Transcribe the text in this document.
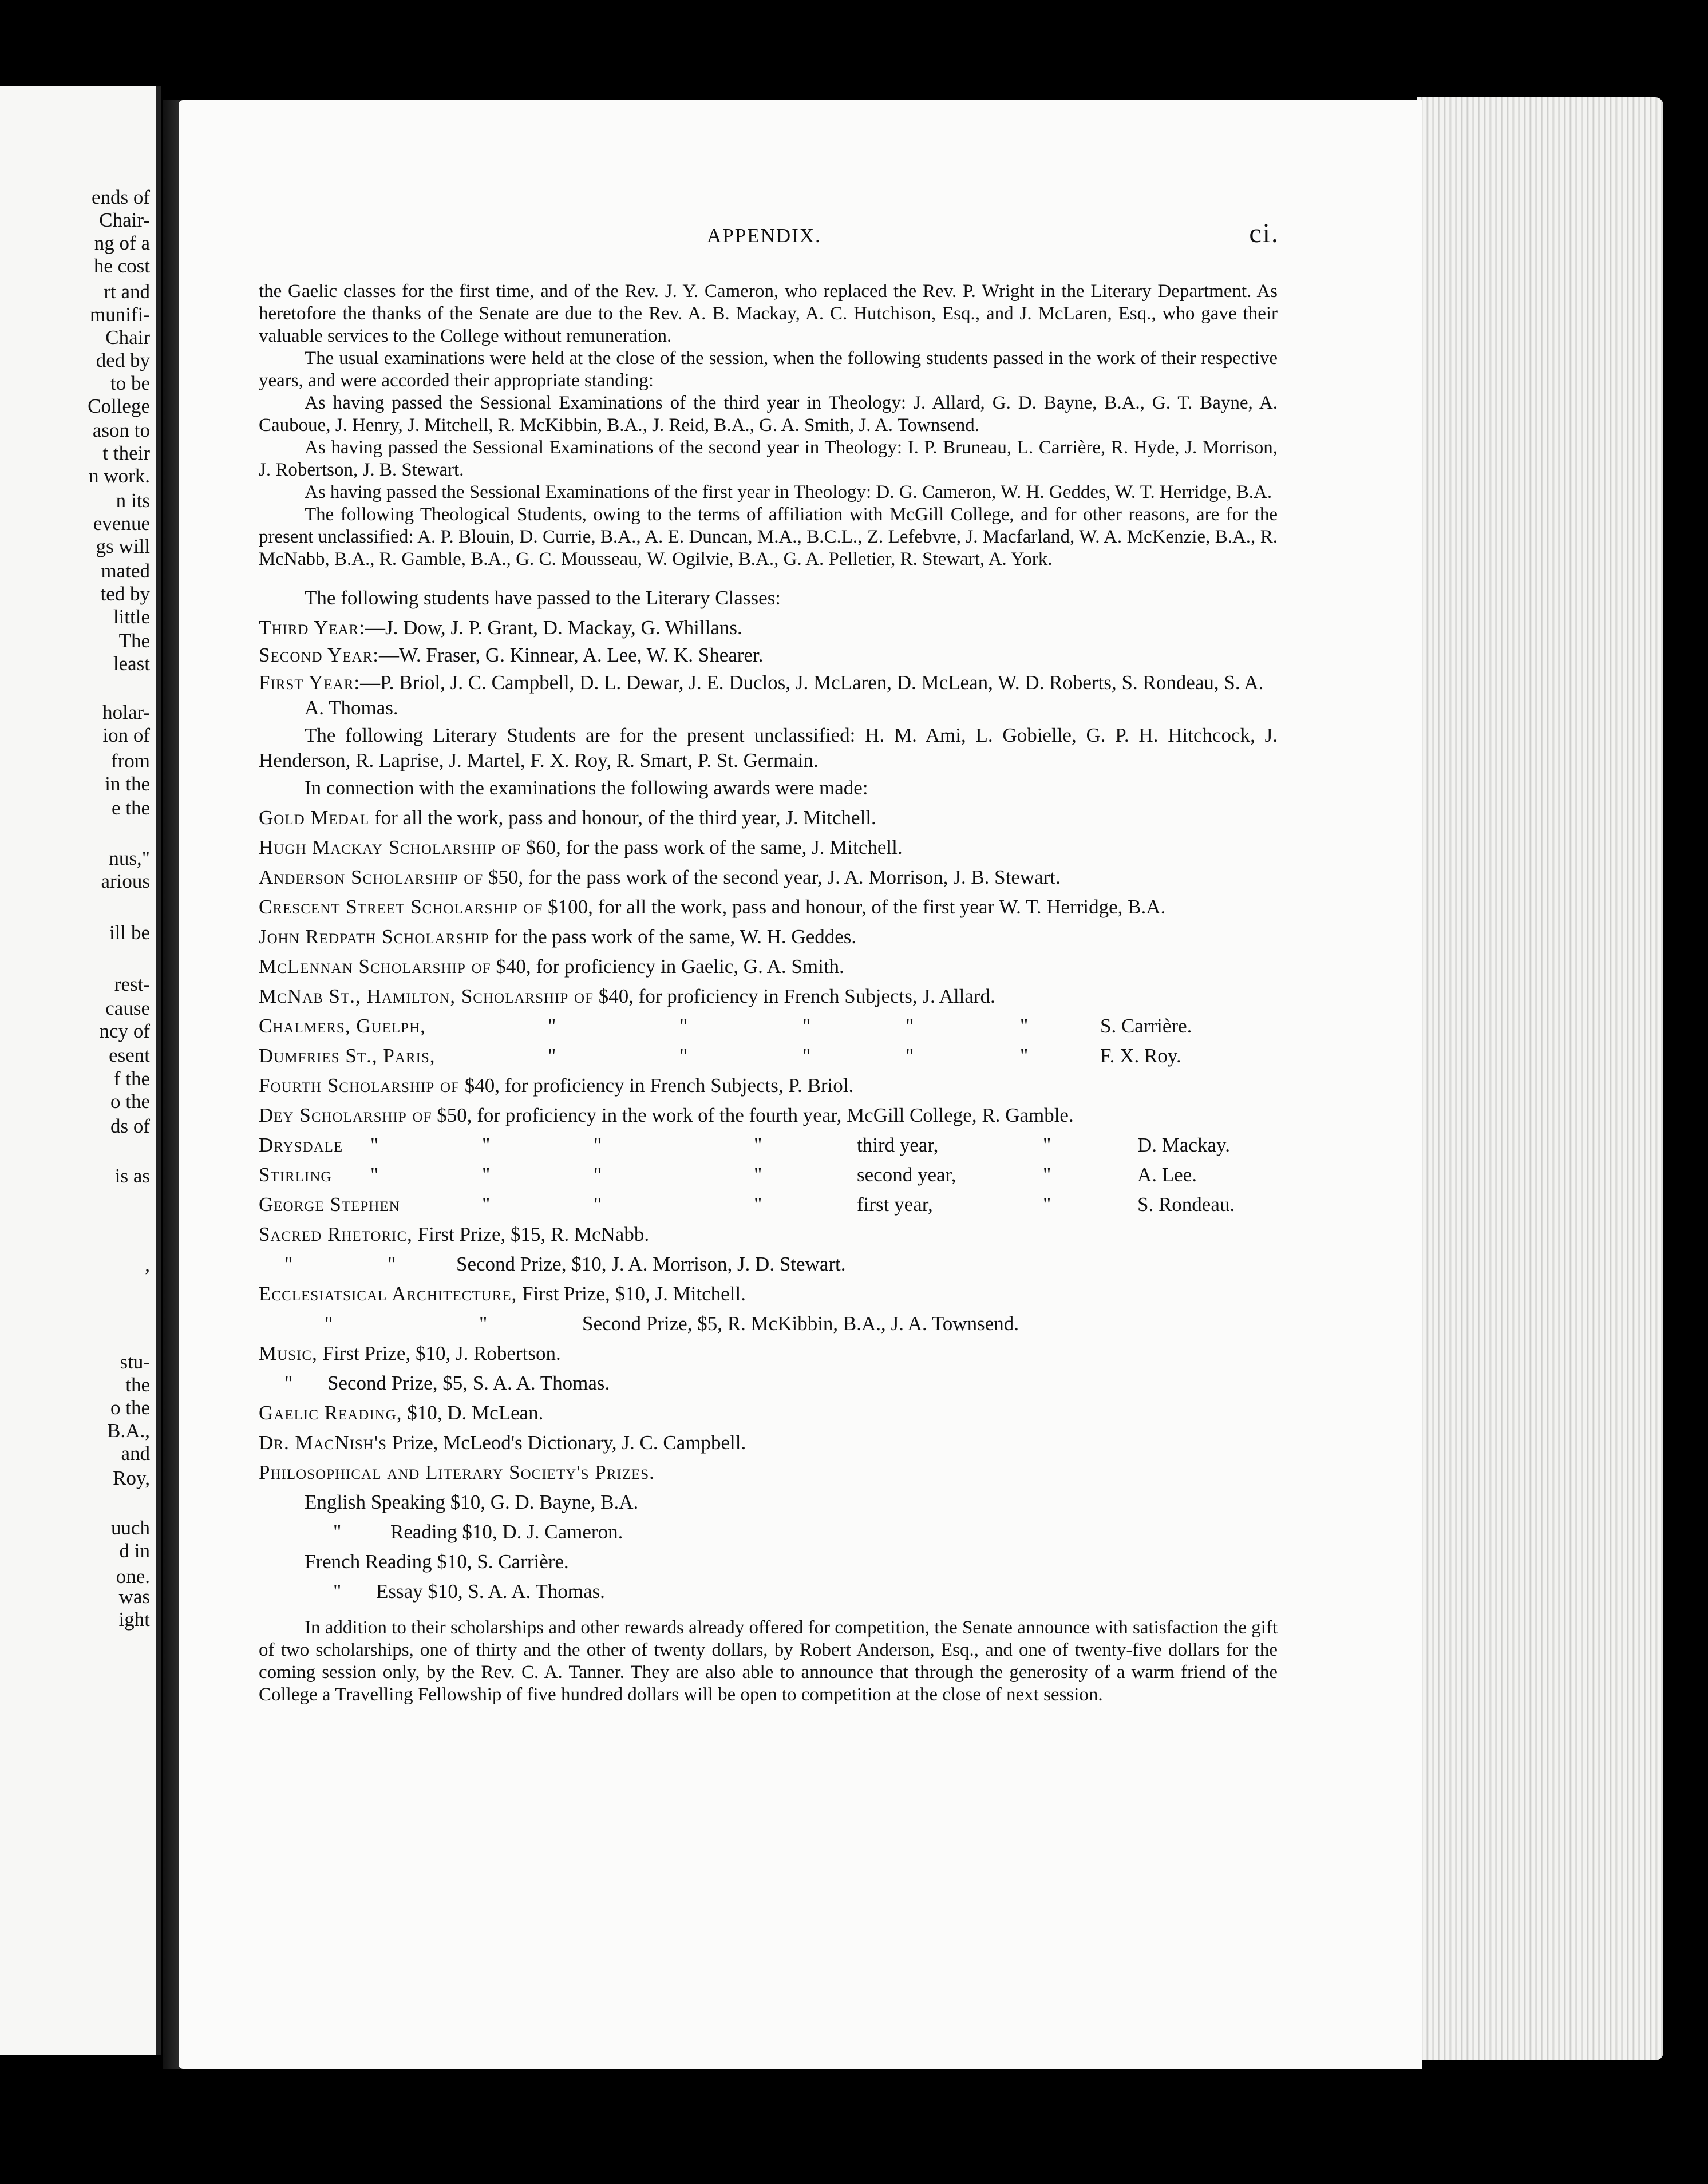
ends of
Chair-
ng of a
he cost
rt and
munifi-
Chair
ded by
to be
College
ason to
t their
n work.
n its
evenue
gs will
mated
ted by
little
The
least
holar-
ion of
from
in the
e the
nus,"
arious
ill be
rest-
cause
ncy of
esent
f the
o the
ds of
is as
,
stu-
the
o the
B.A.,
and
Roy,
uuch
d in
one.
was
ight
APPENDIX.	ci.

the Gaelic classes for the first time, and of the Rev. J. Y. Cameron, who replaced the Rev. P. Wright in the Literary Department. As heretofore the thanks of the Senate are due to the Rev. A. B. Mackay, A. C. Hutchison, Esq., and J. McLaren, Esq., who gave their valuable services to the College without remuneration.

The usual examinations were held at the close of the session, when the following students passed in the work of their respective years, and were accorded their appropriate standing:

As having passed the Sessional Examinations of the third year in Theology: J. Allard, G. D. Bayne, B.A., G. T. Bayne, A. Cauboue, J. Henry, J. Mitchell, R. McKibbin, B.A., J. Reid, B.A., G. A. Smith, J. A. Townsend.

As having passed the Sessional Examinations of the second year in Theology: I. P. Bruneau, L. Carrière, R. Hyde, J. Morrison, J. Robertson, J. B. Stewart.

As having passed the Sessional Examinations of the first year in Theology: D. G. Cameron, W. H. Geddes, W. T. Herridge, B.A.

The following Theological Students, owing to the terms of affiliation with McGill College, and for other reasons, are for the present unclassified: A. P. Blouin, D. Currie, B.A., A. E. Duncan, M.A., B.C.L., Z. Lefebvre, J. Macfarland, W. A. McKenzie, B.A., R. McNabb, B.A., R. Gamble, B.A., G. C. Mousseau, W. Ogilvie, B.A., G. A. Pelletier, R. Stewart, A. York.

The following students have passed to the Literary Classes:
Third Year:—J. Dow, J. P. Grant, D. Mackay, G. Whillans.
Second Year:—W. Fraser, G. Kinnear, A. Lee, W. K. Shearer.
First Year:—P. Briol, J. C. Campbell, D. L. Dewar, J. E. Duclos, J. McLaren, D. McLean, W. D. Roberts, S. Rondeau, S. A. A. Thomas.

The following Literary Students are for the present unclassified: H. M. Ami, L. Gobielle, G. P. H. Hitchcock, J. Henderson, R. Laprise, J. Martel, F. X. Roy, R. Smart, P. St. Germain.

In connection with the examinations the following awards were made:
Gold Medal for all the work, pass and honour, of the third year, J. Mitchell.
Hugh Mackay Scholarship of $60, for the pass work of the same, J. Mitchell.
Anderson Scholarship of $50, for the pass work of the second year, J. A. Morrison, J. B. Stewart.
Crescent Street Scholarship of $100, for all the work, pass and honour, of the first year W. T. Herridge, B.A.
John Redpath Scholarship for the pass work of the same, W. H. Geddes.
McLennan Scholarship of $40, for proficiency in Gaelic, G. A. Smith.
McNab St., Hamilton, Scholarship of $40, for proficiency in French Subjects, J. Allard.
Chalmers, Guelph,	"	"	"	"	"	S. Carrière.
Dumfries St., Paris,	"	"	"	"	"	F. X. Roy.
Fourth Scholarship of $40, for proficiency in French Subjects, P. Briol.
Dey Scholarship of $50, for proficiency in the work of the fourth year, McGill College, R. Gamble.
Drysdale "	"	"	"	third year,	"	D. Mackay.
Stirling "	"	"	"	second year,	"	A. Lee.
George Stephen	"	"	"	first year,	"	S. Rondeau.
Sacred Rhetoric, First Prize, $15, R. McNabb.
"	"	Second Prize, $10, J. A. Morrison, J. D. Stewart.
Ecclesiatsical Architecture, First Prize, $10, J. Mitchell.
"	"	Second Prize, $5, R. McKibbin, B.A., J. A. Townsend.
Music, First Prize, $10, J. Robertson.
" Second Prize, $5, S. A. A. Thomas.
Gaelic Reading, $10, D. McLean.
Dr. MacNish's Prize, McLeod's Dictionary, J. C. Campbell.
Philosophical and Literary Society's Prizes.
English Speaking $10, G. D. Bayne, B.A.
" Reading $10, D. J. Cameron.
French Reading $10, S. Carrière.
" Essay $10, S. A. A. Thomas.

In addition to their scholarships and other rewards already offered for competition, the Senate announce with satisfaction the gift of two scholarships, one of thirty and the other of twenty dollars, by Robert Anderson, Esq., and one of twenty-five dollars for the coming session only, by the Rev. C. A. Tanner. They are also able to announce that through the generosity of a warm friend of the College a Travelling Fellowship of five hundred dollars will be open to competition at the close of next session.
